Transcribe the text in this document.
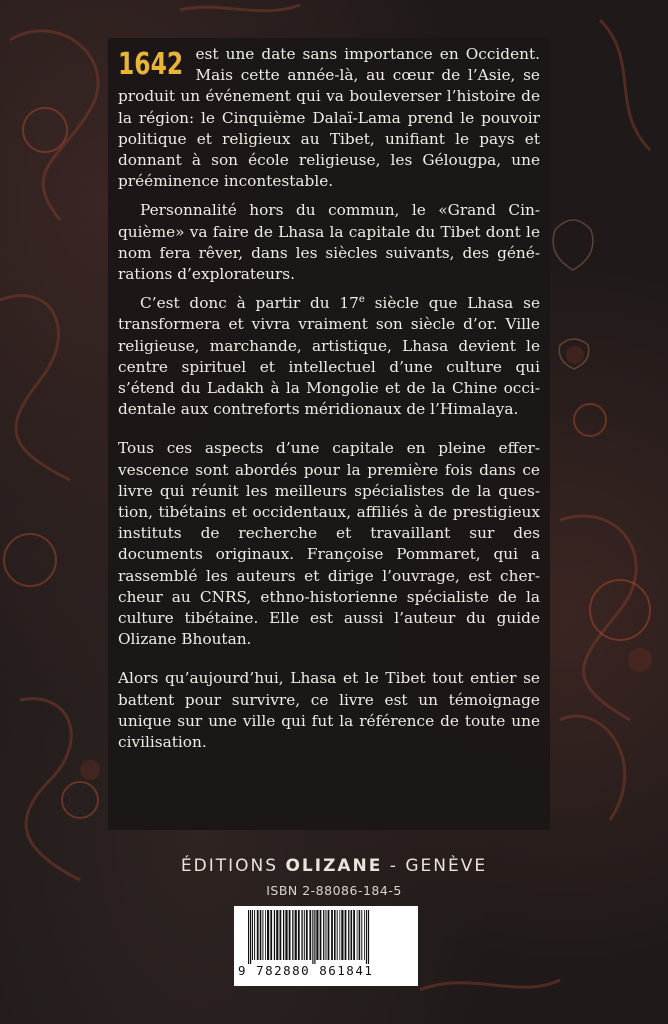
1642 est une date sans importance en Occident. Mais cette année-là, au cœur de l’Asie, se produit un événement qui va bouleverser l’histoire de la région: le Cinquième Dalaï-Lama prend le pouvoir politique et religieux au Tibet, unifiant le pays et donnant à son école religieuse, les Gélougpa, une prééminence incontestable.

Personnalité hors du commun, le «Grand Cinquième» va faire de Lhasa la capitale du Tibet dont le nom fera rêver, dans les siècles suivants, des générations d’explorateurs.

C’est donc à partir du 17e siècle que Lhasa se transformera et vivra vraiment son siècle d’or. Ville religieuse, marchande, artistique, Lhasa devient le centre spirituel et intellectuel d’une culture qui s’étend du Ladakh à la Mongolie et de la Chine occidentale aux contreforts méridionaux de l’Himalaya.

Tous ces aspects d’une capitale en pleine effervescence sont abordés pour la première fois dans ce livre qui réunit les meilleurs spécialistes de la question, tibétains et occidentaux, affiliés à de prestigieux instituts de recherche et travaillant sur des documents originaux. Françoise Pommaret, qui a rassemblé les auteurs et dirige l’ouvrage, est chercheur au CNRS, ethno-historienne spécialiste de la culture tibétaine. Elle est aussi l’auteur du guide Olizane Bhoutan.

Alors qu’aujourd’hui, Lhasa et le Tibet tout entier se battent pour survivre, ce livre est un témoignage unique sur une ville qui fut la référence de toute une civilisation.

ÉDITIONS OLIZANE - GENÈVE
ISBN 2-88086-184-5
9 782880 861841
